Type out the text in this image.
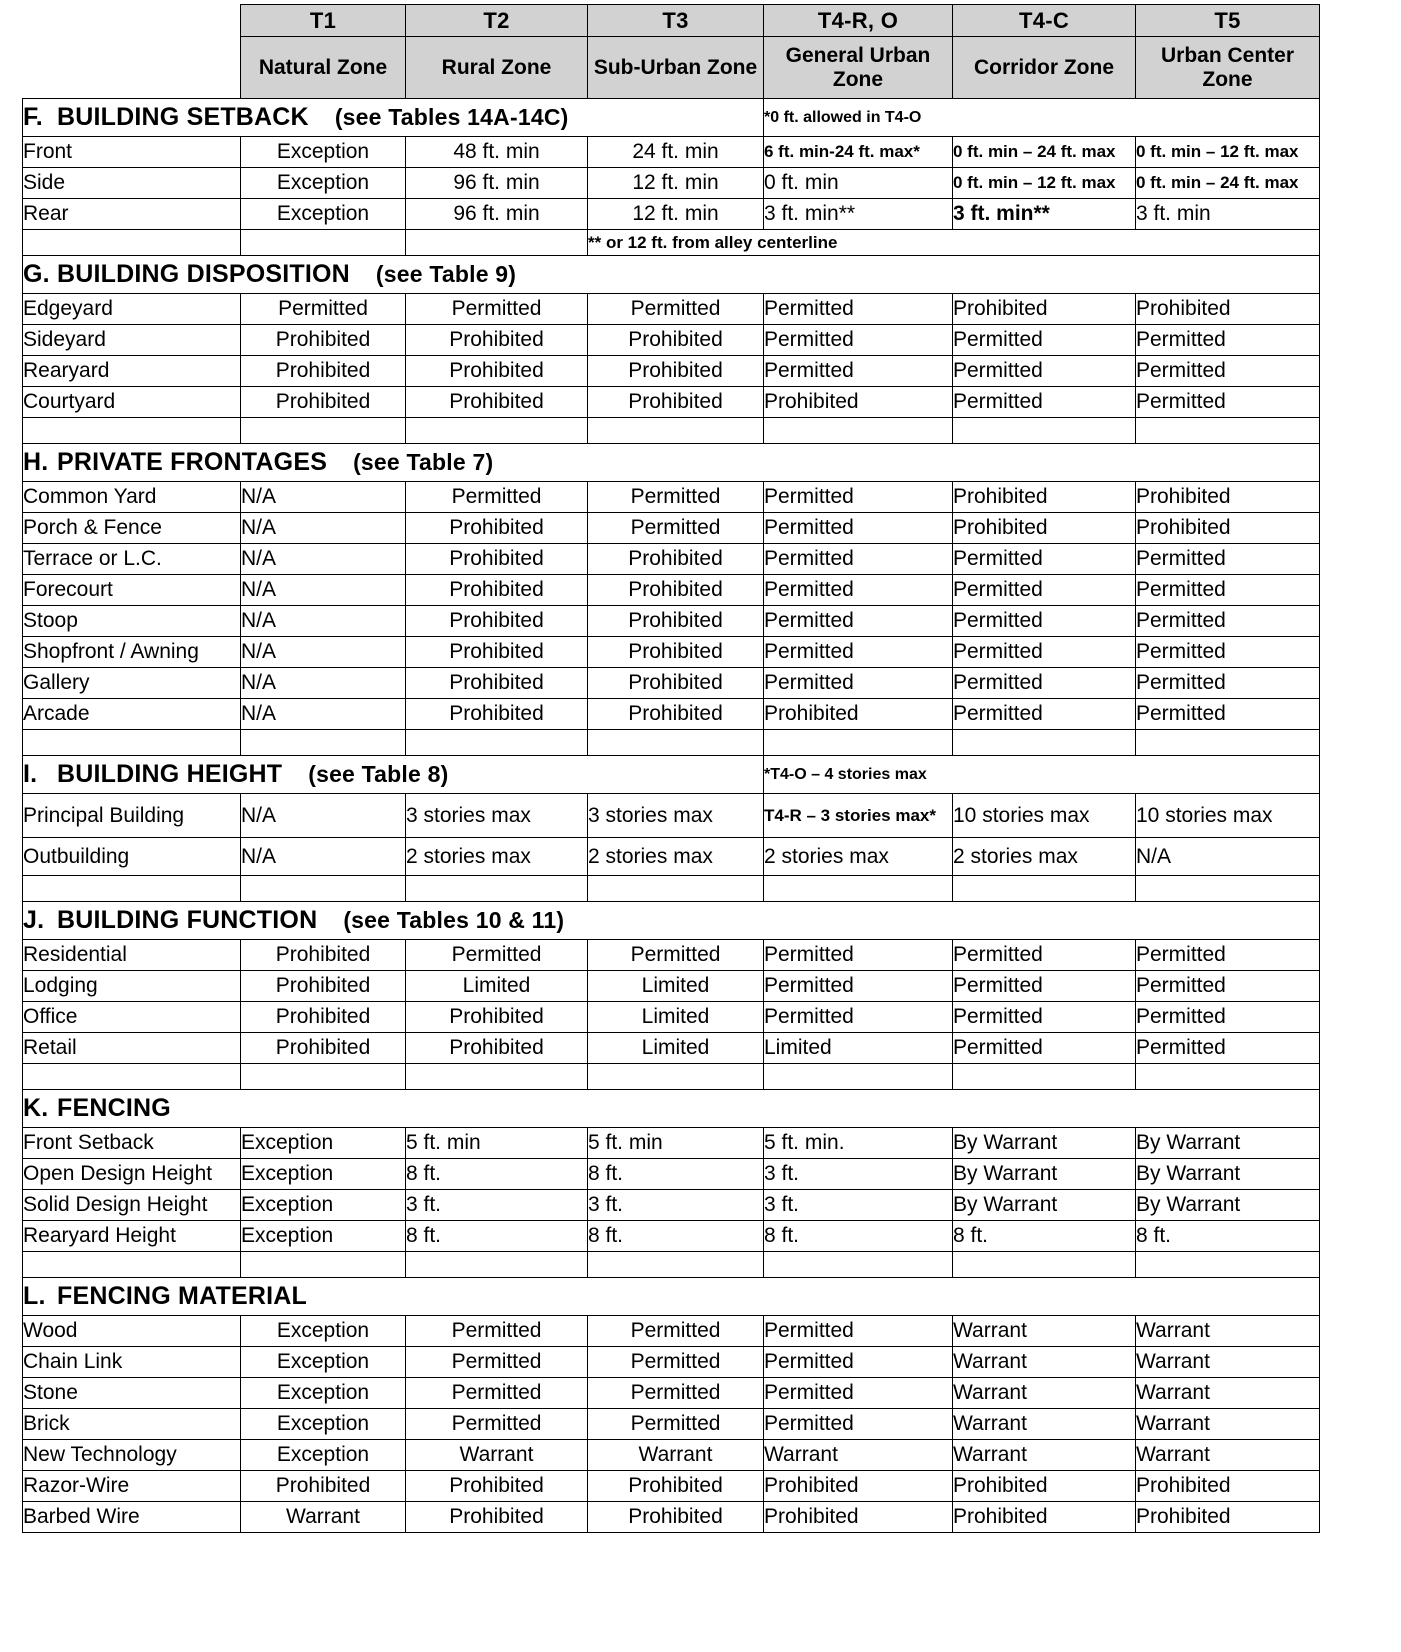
	T1	T2	T3	T4-R, O	T4-C	T5
	Natural Zone	Rural Zone	Sub-Urban Zone	General Urban Zone	Corridor Zone	Urban Center Zone
F. BUILDING SETBACK (see Tables 14A-14C)				*0 ft. allowed in T4-O		
Front	Exception	48 ft. min	24 ft. min	6 ft. min-24 ft. max*	0 ft. min – 24 ft. max	0 ft. min – 12 ft. max
Side	Exception	96 ft. min	12 ft. min	0 ft. min	0 ft. min – 12 ft. max	0 ft. min – 24 ft. max
Rear	Exception	96 ft. min	12 ft. min	3 ft. min**	3 ft. min**	3 ft. min
			** or 12 ft. from alley centerline			
G. BUILDING DISPOSITION (see Table 9)						
Edgeyard	Permitted	Permitted	Permitted	Permitted	Prohibited	Prohibited
Sideyard	Prohibited	Prohibited	Prohibited	Permitted	Permitted	Permitted
Rearyard	Prohibited	Prohibited	Prohibited	Permitted	Permitted	Permitted
Courtyard	Prohibited	Prohibited	Prohibited	Prohibited	Permitted	Permitted

H. PRIVATE FRONTAGES (see Table 7)						
Common Yard	N/A	Permitted	Permitted	Permitted	Prohibited	Prohibited
Porch & Fence	N/A	Prohibited	Permitted	Permitted	Prohibited	Prohibited
Terrace or L.C.	N/A	Prohibited	Prohibited	Permitted	Permitted	Permitted
Forecourt	N/A	Prohibited	Prohibited	Permitted	Permitted	Permitted
Stoop	N/A	Prohibited	Prohibited	Permitted	Permitted	Permitted
Shopfront / Awning	N/A	Prohibited	Prohibited	Permitted	Permitted	Permitted
Gallery	N/A	Prohibited	Prohibited	Permitted	Permitted	Permitted
Arcade	N/A	Prohibited	Prohibited	Prohibited	Permitted	Permitted

I. BUILDING HEIGHT (see Table 8)				*T4-O – 4 stories max		
Principal Building	N/A	3 stories max	3 stories max	T4-R – 3 stories max*	10 stories max	10 stories max
Outbuilding	N/A	2 stories max	2 stories max	2 stories max	2 stories max	N/A

J. BUILDING FUNCTION (see Tables 10 & 11)						
Residential	Prohibited	Permitted	Permitted	Permitted	Permitted	Permitted
Lodging	Prohibited	Limited	Limited	Permitted	Permitted	Permitted
Office	Prohibited	Prohibited	Limited	Permitted	Permitted	Permitted
Retail	Prohibited	Prohibited	Limited	Limited	Permitted	Permitted

K. FENCING						
Front Setback	Exception	5 ft. min	5 ft. min	5 ft. min.	By Warrant	By Warrant
Open Design Height	Exception	8 ft.	8 ft.	3 ft.	By Warrant	By Warrant
Solid Design Height	Exception	3 ft.	3 ft.	3 ft.	By Warrant	By Warrant
Rearyard Height	Exception	8 ft.	8 ft.	8 ft.	8 ft.	8 ft.

L. FENCING MATERIAL						
Wood	Exception	Permitted	Permitted	Permitted	Warrant	Warrant
Chain Link	Exception	Permitted	Permitted	Permitted	Warrant	Warrant
Stone	Exception	Permitted	Permitted	Permitted	Warrant	Warrant
Brick	Exception	Permitted	Permitted	Permitted	Warrant	Warrant
New Technology	Exception	Warrant	Warrant	Warrant	Warrant	Warrant
Razor-Wire	Prohibited	Prohibited	Prohibited	Prohibited	Prohibited	Prohibited
Barbed Wire	Warrant	Prohibited	Prohibited	Prohibited	Prohibited	Prohibited
